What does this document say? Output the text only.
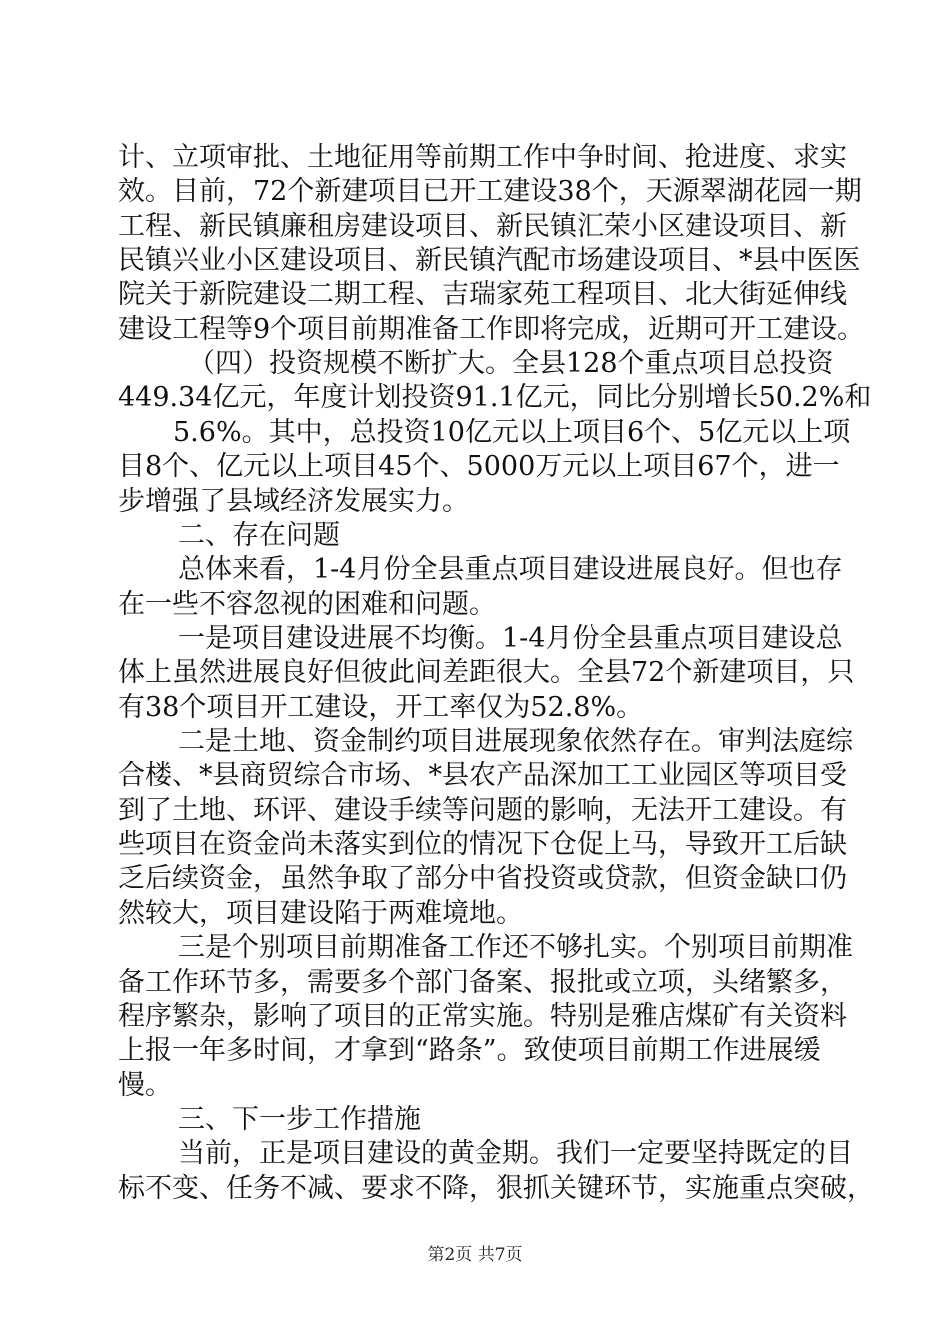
计、立项审批、土地征用等前期工作中争时间、抢进度、求实
效。目前，72个新建项目已开工建设38个，天源翠湖花园一期
工程、新民镇廉租房建设项目、新民镇汇荣小区建设项目、新
民镇兴业小区建设项目、新民镇汽配市场建设项目、*县中医医
院关于新院建设二期工程、吉瑞家苑工程项目、北大街延伸线
建设工程等9个项目前期准备工作即将完成，近期可开工建设。
（四）投资规模不断扩大。全县128个重点项目总投资
449.34亿元，年度计划投资91.1亿元，同比分别增长50.2%和
5.6%。其中，总投资10亿元以上项目6个、5亿元以上项
目8个、亿元以上项目45个、5000万元以上项目67个，进一
步增强了县域经济发展实力。
二、存在问题
总体来看，1-4月份全县重点项目建设进展良好。但也存
在一些不容忽视的困难和问题。
一是项目建设进展不均衡。1-4月份全县重点项目建设总
体上虽然进展良好但彼此间差距很大。全县72个新建项目，只
有38个项目开工建设，开工率仅为52.8%。
二是土地、资金制约项目进展现象依然存在。审判法庭综
合楼、*县商贸综合市场、*县农产品深加工工业园区等项目受
到了土地、环评、建设手续等问题的影响，无法开工建设。有
些项目在资金尚未落实到位的情况下仓促上马，导致开工后缺
乏后续资金，虽然争取了部分中省投资或贷款，但资金缺口仍
然较大，项目建设陷于两难境地。
三是个别项目前期准备工作还不够扎实。个别项目前期准
备工作环节多，需要多个部门备案、报批或立项，头绪繁多，
程序繁杂，影响了项目的正常实施。特别是雅店煤矿有关资料
上报一年多时间，才拿到“路条”。致使项目前期工作进展缓
慢。
三、下一步工作措施
当前，正是项目建设的黄金期。我们一定要坚持既定的目
标不变、任务不减、要求不降，狠抓关键环节，实施重点突破，
第2页 共7页
